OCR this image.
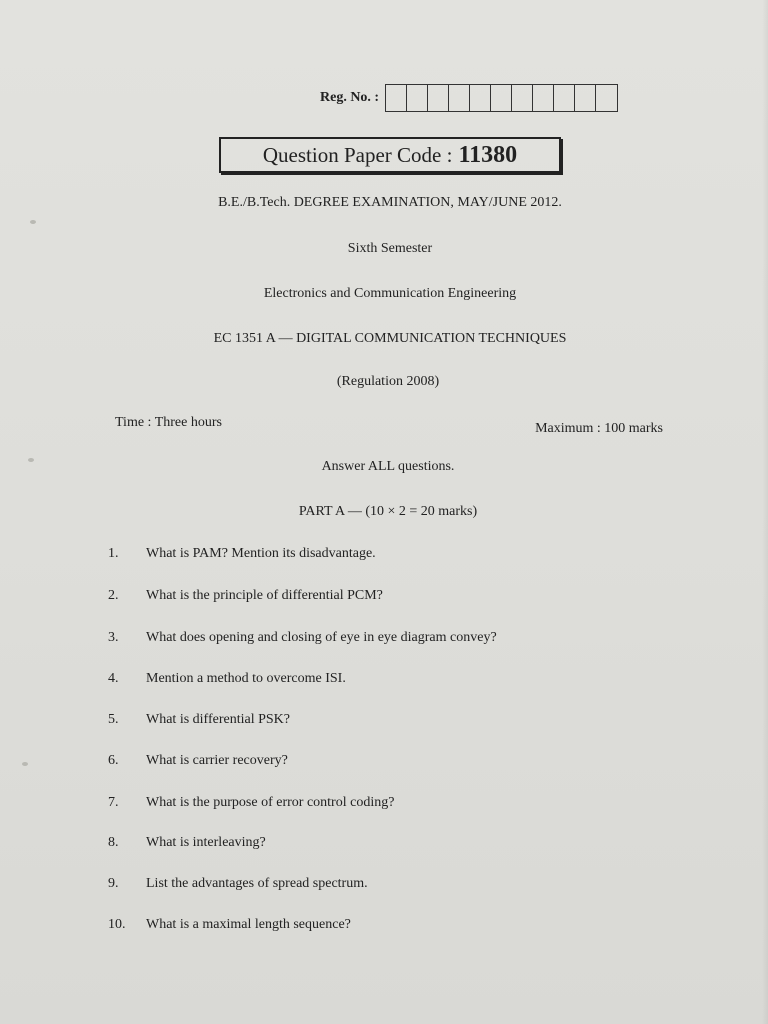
Reg. No. :
Question Paper Code : 11380
B.E./B.Tech. DEGREE EXAMINATION, MAY/JUNE 2012.
Sixth Semester
Electronics and Communication Engineering
EC 1351 A — DIGITAL COMMUNICATION TECHNIQUES
(Regulation 2008)
Time : Three hours	Maximum : 100 marks
Answer ALL questions.
PART A — (10 × 2 = 20 marks)
1.	What is PAM? Mention its disadvantage.
2.	What is the principle of differential PCM?
3.	What does opening and closing of eye in eye diagram convey?
4.	Mention a method to overcome ISI.
5.	What is differential PSK?
6.	What is carrier recovery?
7.	What is the purpose of error control coding?
8.	What is interleaving?
9.	List the advantages of spread spectrum.
10.	What is a maximal length sequence?
